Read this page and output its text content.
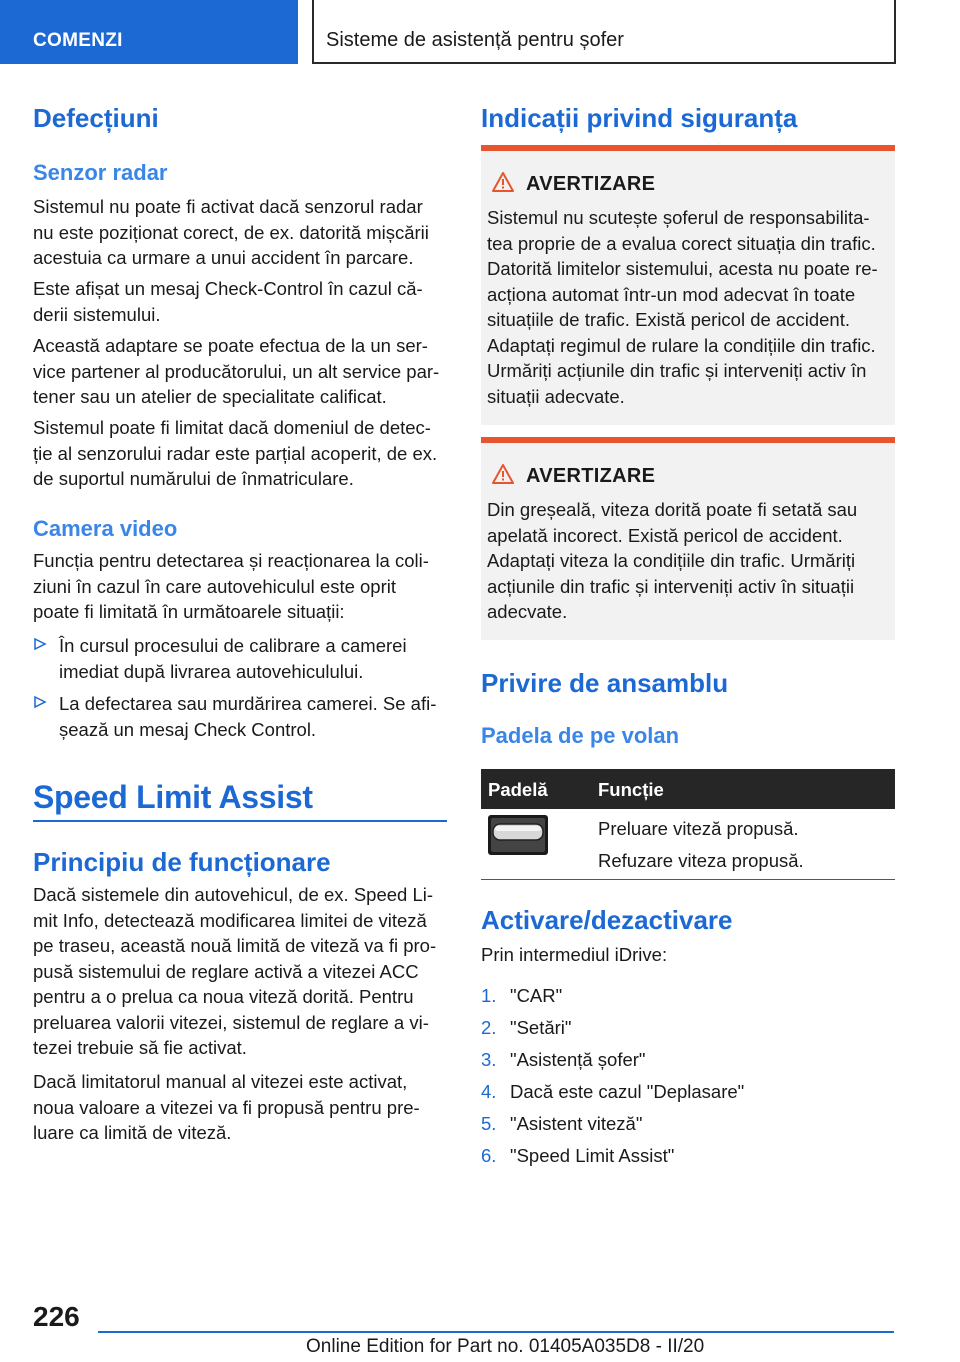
COMENZI	Sisteme de asistență pentru șofer
Defecțiuni
Senzor radar
Sistemul nu poate fi activat dacă senzorul radar
nu este poziționat corect, de ex. datorită mișcării
acestuia ca urmare a unui accident în parcare.
Este afișat un mesaj Check-Control în cazul că-
derii sistemului.
Această adaptare se poate efectua de la un ser-
vice partener al producătorului, un alt service par-
tener sau un atelier de specialitate calificat.
Sistemul poate fi limitat dacă domeniul de detec-
ție al senzorului radar este parțial acoperit, de ex.
de suportul numărului de înmatriculare.
Camera video
Funcția pentru detectarea și reacționarea la coli-
ziuni în cazul în care autovehiculul este oprit
poate fi limitată în următoarele situații:
În cursul procesului de calibrare a camerei
imediat după livrarea autovehiculului.
La defectarea sau murdărirea camerei. Se afi-
șează un mesaj Check Control.
Speed Limit Assist
Principiu de funcționare
Dacă sistemele din autovehicul, de ex. Speed Li-
mit Info, detectează modificarea limitei de viteză
pe traseu, această nouă limită de viteză va fi pro-
pusă sistemului de reglare activă a vitezei ACC
pentru a o prelua ca noua viteză dorită. Pentru
preluarea valorii vitezei, sistemul de reglare a vi-
tezei trebuie să fie activat.
Dacă limitatorul manual al vitezei este activat,
noua valoare a vitezei va fi propusă pentru pre-
luare ca limită de viteză.
Indicații privind siguranța
AVERTIZARE
Sistemul nu scutește șoferul de responsabilita-
tea proprie de a evalua corect situația din trafic.
Datorită limitelor sistemului, acesta nu poate re-
acționa automat într-un mod adecvat în toate
situațiile de trafic. Există pericol de accident.
Adaptați regimul de rulare la condițiile din trafic.
Urmăriți acțiunile din trafic și interveniți activ în
situații adecvate.
AVERTIZARE
Din greșeală, viteza dorită poate fi setată sau
apelată incorect. Există pericol de accident.
Adaptați viteza la condițiile din trafic. Urmăriți
acțiunile din trafic și interveniți activ în situații
adecvate.
Privire de ansamblu
Padela de pe volan
Padelă	Funcție
Preluare viteză propusă.
Refuzare viteza propusă.
Activare/dezactivare
Prin intermediul iDrive:
1. "CAR"
2. "Setări"
3. "Asistență șofer"
4. Dacă este cazul "Deplasare"
5. "Asistent viteză"
6. "Speed Limit Assist"
226
Online Edition for Part no. 01405A035D8 - II/20
